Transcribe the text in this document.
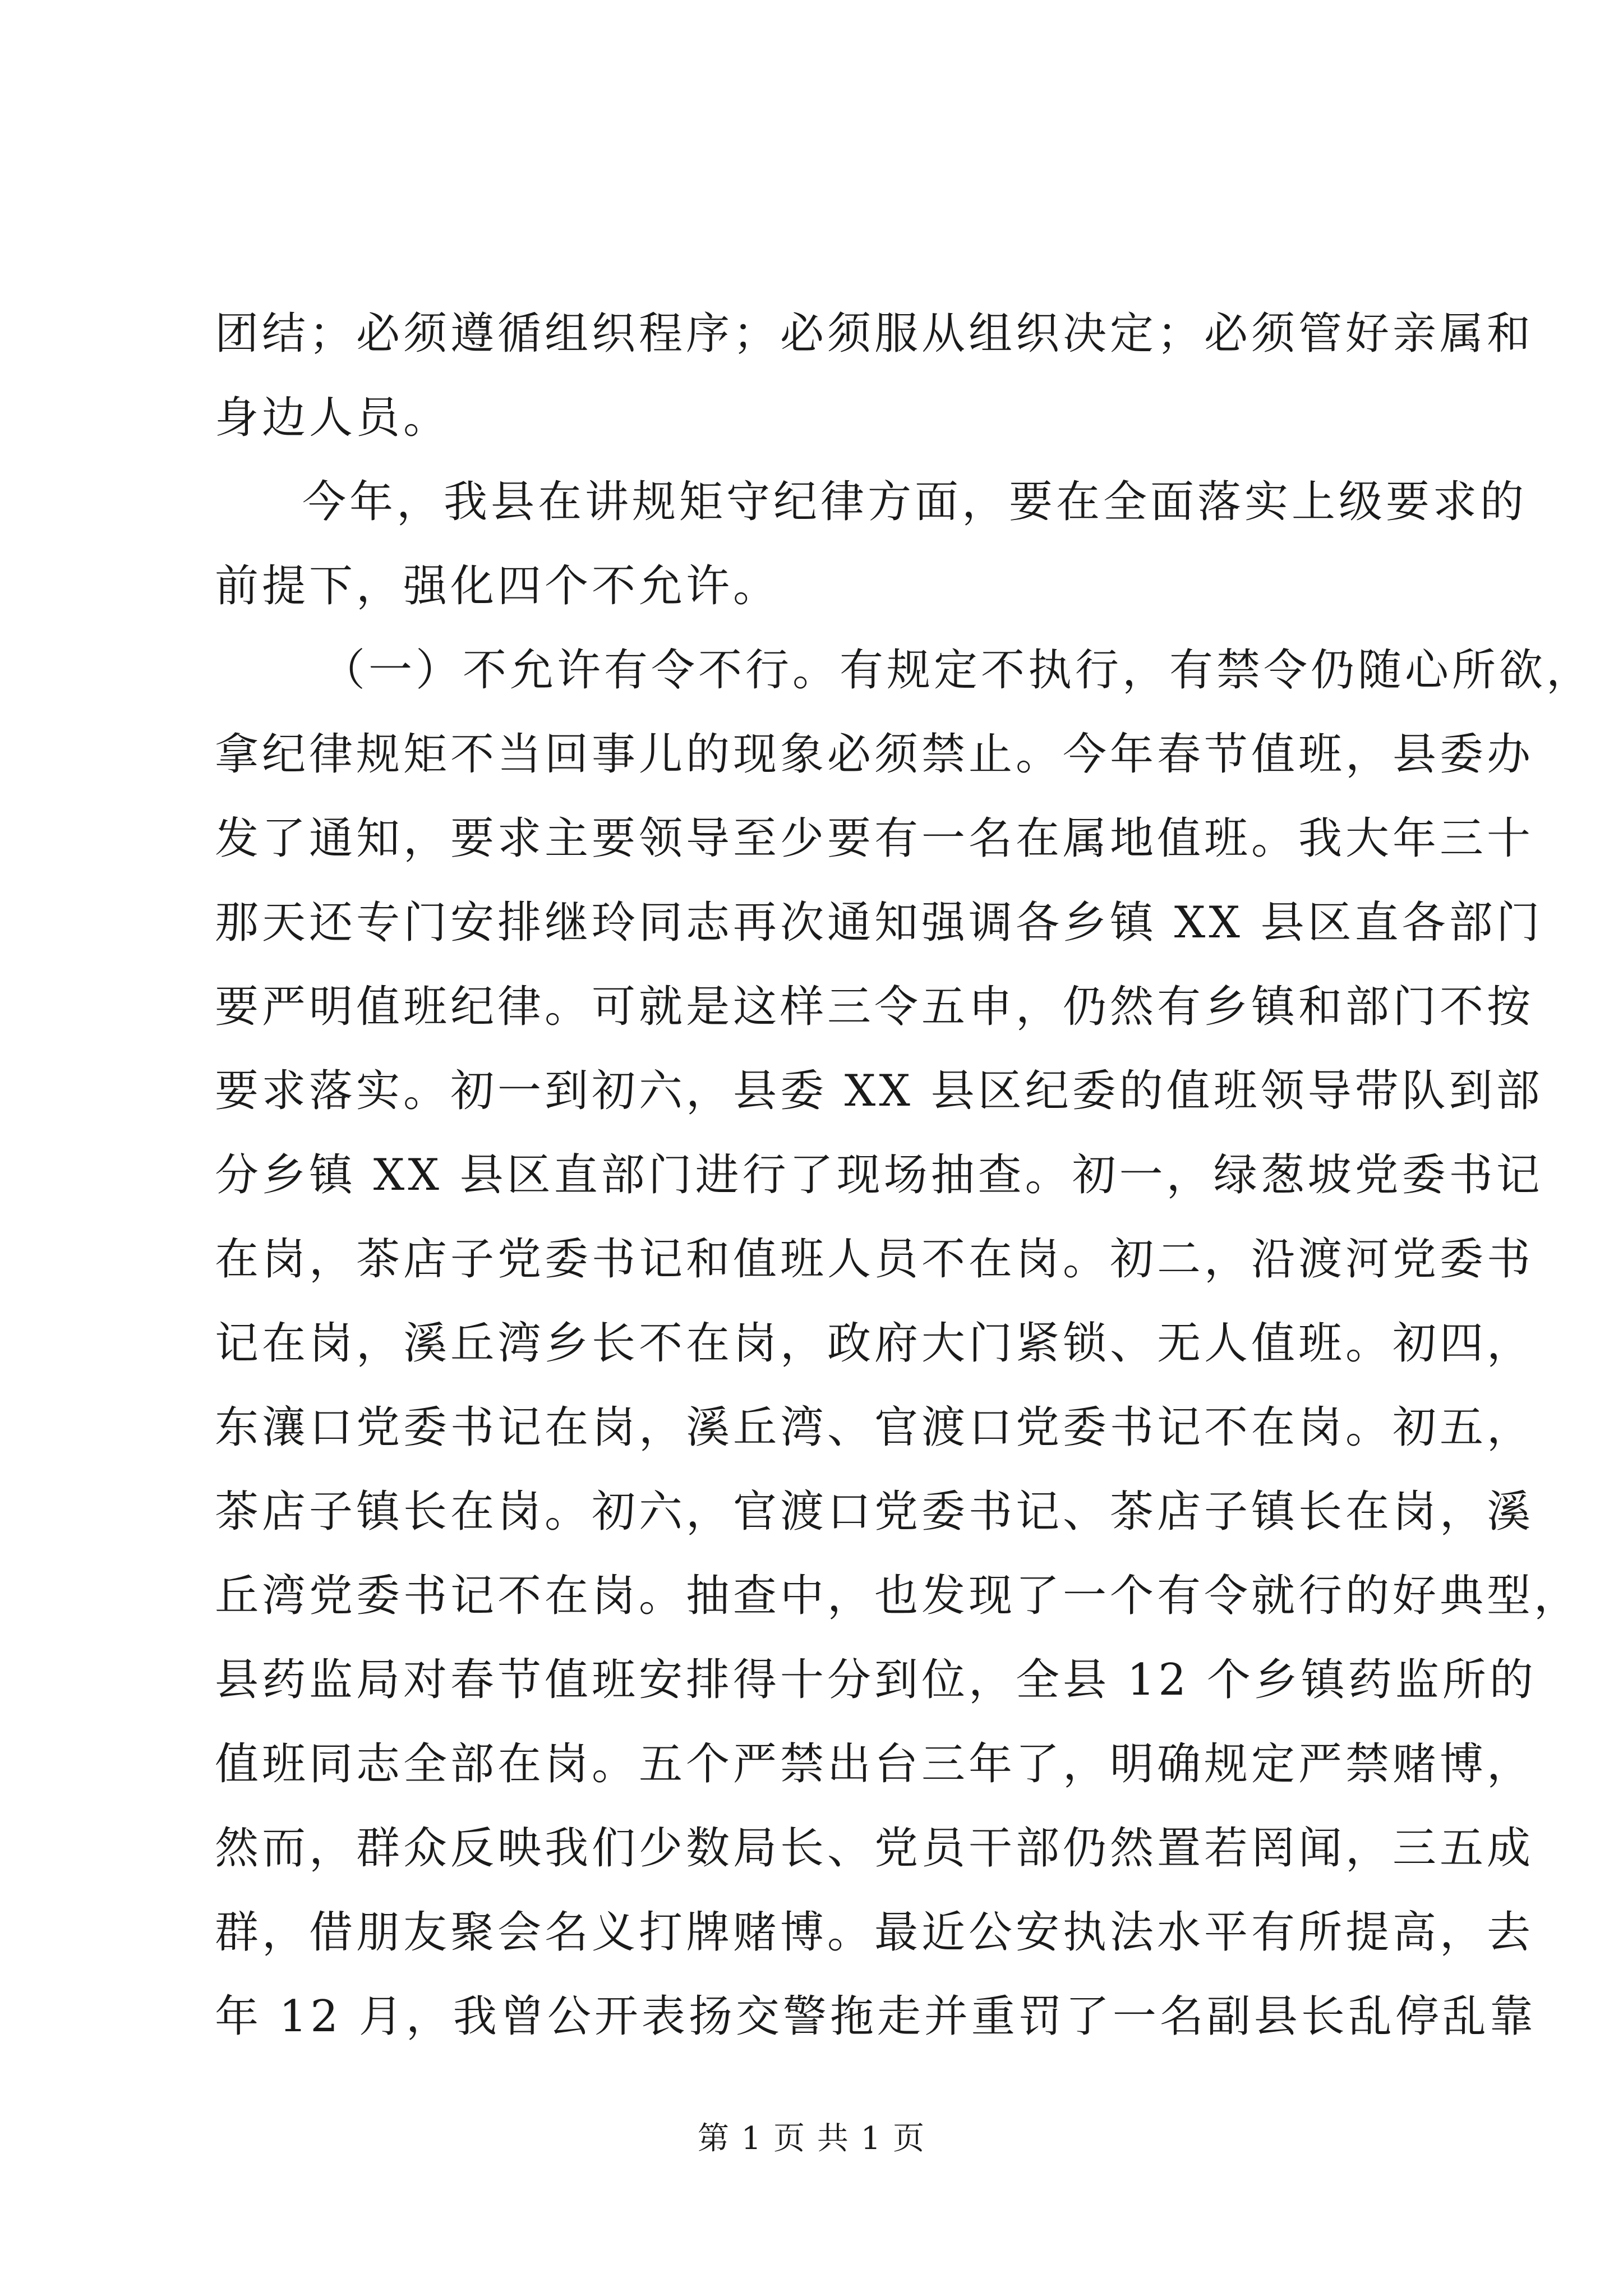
团结；必须遵循组织程序；必须服从组织决定；必须管好亲属和
身边人员。
今年，我县在讲规矩守纪律方面，要在全面落实上级要求的
前提下，强化四个不允许。
（一）不允许有令不行。有规定不执行，有禁令仍随心所欲，
拿纪律规矩不当回事儿的现象必须禁止。今年春节值班，县委办
发了通知，要求主要领导至少要有一名在属地值班。我大年三十
那天还专门安排继玲同志再次通知强调各乡镇 XX 县区直各部门
要严明值班纪律。可就是这样三令五申，仍然有乡镇和部门不按
要求落实。初一到初六，县委 XX 县区纪委的值班领导带队到部
分乡镇 XX 县区直部门进行了现场抽查。初一，绿葱坡党委书记
在岗，茶店子党委书记和值班人员不在岗。初二，沿渡河党委书
记在岗，溪丘湾乡长不在岗，政府大门紧锁、无人值班。初四，
东瀼口党委书记在岗，溪丘湾、官渡口党委书记不在岗。初五，
茶店子镇长在岗。初六，官渡口党委书记、茶店子镇长在岗，溪
丘湾党委书记不在岗。抽查中，也发现了一个有令就行的好典型，
县药监局对春节值班安排得十分到位，全县 12 个乡镇药监所的
值班同志全部在岗。五个严禁出台三年了，明确规定严禁赌博，
然而，群众反映我们少数局长、党员干部仍然置若罔闻，三五成
群，借朋友聚会名义打牌赌博。最近公安执法水平有所提高，去
年 12 月，我曾公开表扬交警拖走并重罚了一名副县长乱停乱靠
第 1 页 共 1 页
